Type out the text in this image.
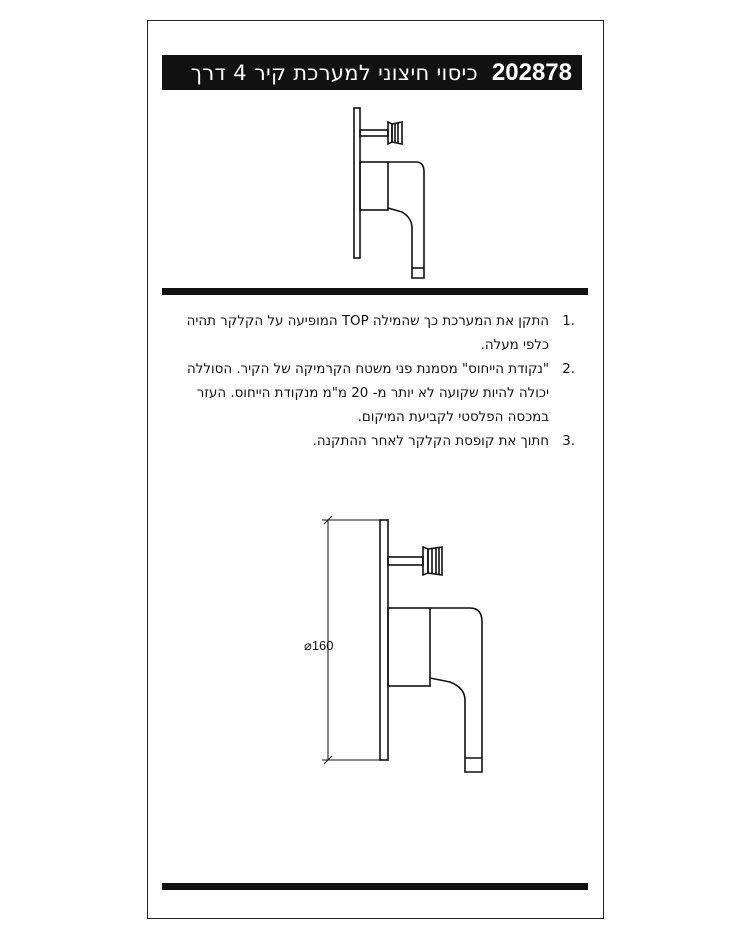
כיסוי חיצוני למערכת קיר 4 דרך 202878
1.
התקן את המערכת כך שהמילה TOP המופיעה על הקלקר תהיה כלפי מעלה.
2.
"נקודת הייחוס" מסמנת פני משטח הקרמיקה של הקיר. הסוללה יכולה להיות שקועה לא יותר מ- 20 מ"מ מנקודת הייחוס. העזר במכסה הפלסטי לקביעת המיקום.
3.
חתוך את קופסת הקלקר לאחר ההתקנה.
⌀160
